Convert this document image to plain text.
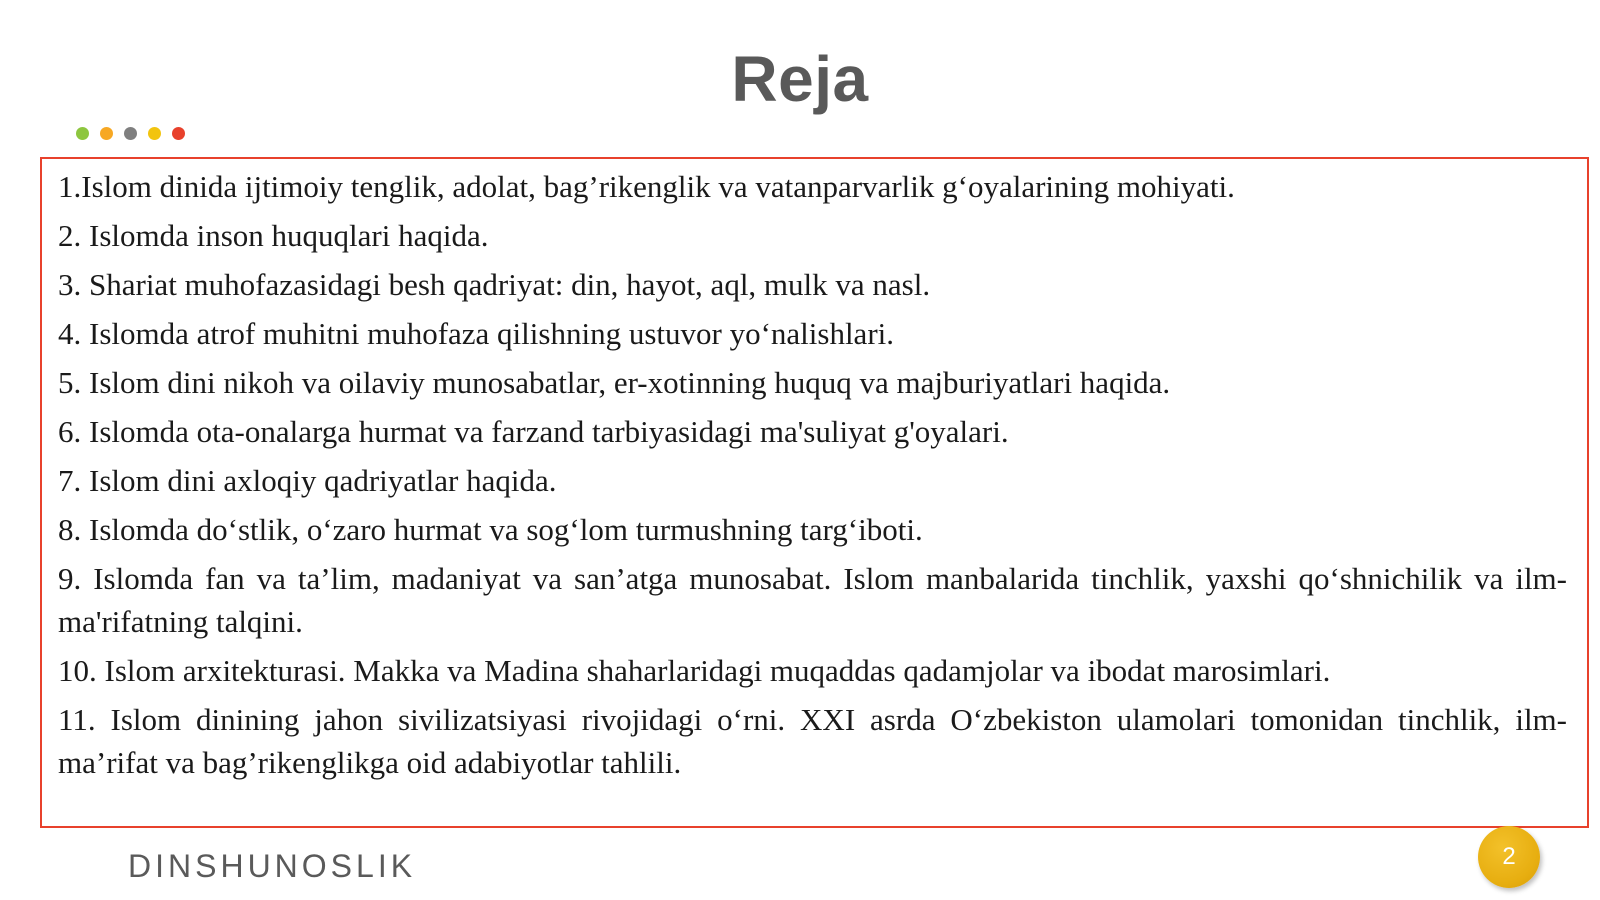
Reja

1.Islom dinida ijtimoiy tenglik, adolat, bag’rikenglik va vatanparvarlik g‘oyalarining mohiyati.

2. Islomda inson huquqlari haqida.

3. Shariat muhofazasidagi besh qadriyat: din, hayot, aql, mulk va nasl.

4. Islomda atrof muhitni muhofaza qilishning ustuvor yo‘nalishlari.

5. Islom dini nikoh va oilaviy munosabatlar, er-xotinning huquq va majburiyatlari haqida.

6. Islomda ota-onalarga hurmat va farzand tarbiyasidagi ma'suliyat g'oyalari.

7. Islom dini axloqiy qadriyatlar haqida.

8. Islomda do‘stlik, o‘zaro hurmat va sog‘lom turmushning targ‘iboti.

9. Islomda fan va ta’lim, madaniyat va san’atga munosabat. Islom manbalarida tinchlik, yaxshi qo‘shnichilik va ilm- ma'rifatning talqini.

10. Islom arxitekturasi. Makka va Madina shaharlaridagi muqaddas qadamjolar va ibodat marosimlari.

11. Islom dinining jahon sivilizatsiyasi rivojidagi o‘rni. XXI asrda O‘zbekiston ulamolari tomonidan tinchlik, ilm-ma’rifat va bag’rikenglikga oid adabiyotlar tahlili.

DINSHUNOSLIK	2
